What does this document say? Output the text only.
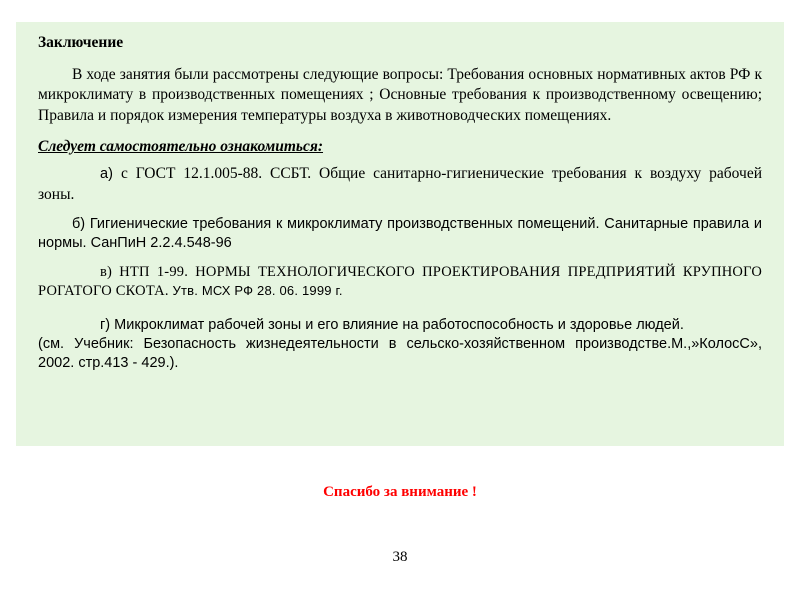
Заключение

В ходе занятия были рассмотрены следующие вопросы: Требования основных нормативных актов РФ к микроклимату в производственных помещениях ; Основные требования к производственному освещению; Правила и порядок измерения температуры воздуха в животноводческих помещениях.

Следует самостоятельно ознакомиться:

а) с ГОСТ 12.1.005-88. ССБТ. Общие санитарно-гигиенические требования к воздуху рабочей зоны.

б) Гигиенические требования к микроклимату производственных помещений. Санитарные правила и нормы. СанПиН 2.2.4.548-96

в) НТП 1-99. НОРМЫ ТЕХНОЛОГИЧЕСКОГО ПРОЕКТИРОВАНИЯ ПРЕДПРИЯТИЙ КРУПНОГО РОГАТОГО СКОТА. Утв. МСХ РФ 28. 06. 1999 г.

г) Микроклимат рабочей зоны и его влияние на работоспособность и здоровье людей.

(см. Учебник: Безопасность жизнедеятельности в сельско-хозяйственном производстве.М.,»КолосС», 2002. стр.413 - 429.).

Спасибо за внимание !
38
